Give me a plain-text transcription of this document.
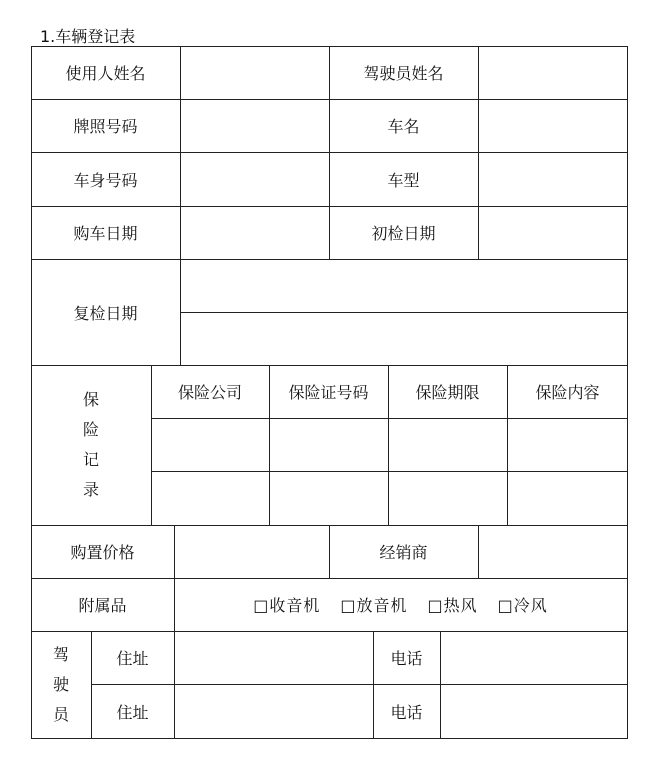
1.车辆登记表
使用人姓名	驾驶员姓名
牌照号码	车名
车身号码	车型
购车日期	初检日期
复检日期
保
险
记
录
保险公司	保险证号码	保险期限	保险内容
购置价格	经销商
附属品	□收音机 □放音机 □热风 □冷风
驾
驶
员
住址	电话
住址	电话
